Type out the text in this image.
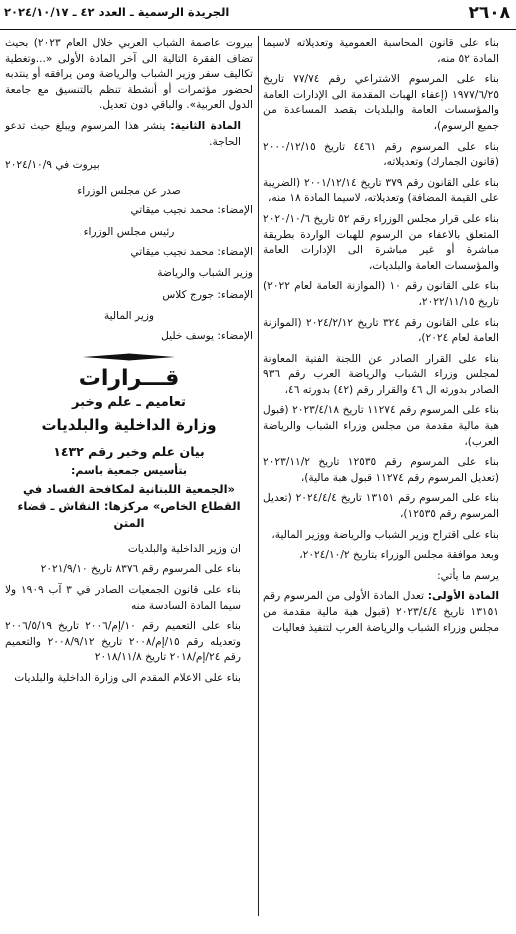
٢٦٠٨
الجريدة الرسمية ـ العدد ٤٢ ـ ٢٠٢٤/١٠/١٧

بناء على قانون المحاسبة العمومية وتعديلاته لاسيما المادة ٥٢ منه،

بناء على المرسوم الاشتراعي رقم ٧٧/٧٤ تاريخ ١٩٧٧/٦/٢٥ (إعفاء الهبات المقدمة الى الإدارات العامة والمؤسسات العامة والبلديات بقصد المساعدة من جميع الرسوم)،

بناء على المرسوم رقم ٤٤٦١ تاريخ ٢٠٠٠/١٢/١٥ (قانون الجمارك) وتعديلاته،

بناء على القانون رقم ٣٧٩ تاريخ ٢٠٠١/١٢/١٤ (الضريبة على القيمة المضافة) وتعديلاته، لاسيما المادة ١٨ منه،

بناء على قرار مجلس الوزراء رقم ٥٢ تاريخ ٢٠٢٠/١٠/٦ المتعلق بالاعفاء من الرسوم للهبات الواردة بطريقة مباشرة أو غير مباشرة الى الإدارات العامة والمؤسسات العامة والبلديات،

بناء على القانون رقم ١٠ (الموازنة العامة لعام ٢٠٢٢) تاريخ ٢٠٢٢/١١/١٥،

بناء على القانون رقم ٣٢٤ تاريخ ٢٠٢٤/٢/١٢ (الموازنة العامة لعام ٢٠٢٤)،

بناء على القرار الصادر عن اللجنة الفنية المعاونة لمجلس وزراء الشباب والرياضة العرب رقم ٩٣٦ الصادر بدورته ال ٤٦ والقرار رقم (٤٢) بدورته ٤٦،

بناء على المرسوم رقم ١١٢٧٤ تاريخ ٢٠٢٣/٤/١٨ (قبول هبة مالية مقدمة من مجلس وزراء الشباب والرياضة العرب)،

بناء على المرسوم رقم ١٢٥٣٥ تاريخ ٢٠٢٣/١١/٢ (تعديل المرسوم رقم ١١٢٧٤ قبول هبة مالية)،

بناء على المرسوم رقم ١٣١٥١ تاريخ ٢٠٢٤/٤/٤ (تعديل المرسوم رقم ١٢٥٣٥)،

بناء على اقتراح وزير الشباب والرياضة ووزير المالية،

وبعد موافقة مجلس الوزراء بتاريخ ٢٠٢٤/١٠/٢،

يرسم ما يأتي:

المادة الأولى: تعدل المادة الأولى من المرسوم رقم ١٣١٥١ تاريخ ٢٠٢٣/٤/٤ (قبول هبة مالية مقدمة من مجلس وزراء الشباب والرياضة العرب لتنفيذ فعاليات

بيروت عاصمة الشباب العربي خلال العام ٢٠٢٣) بحيث تضاف الفقرة التالية الى آخر المادة الأولى «...وتغطية تكاليف سفر وزير الشباب والرياضة ومن يرافقه أو ينتدبه لحضور مؤتمرات أو أنشطة تنظم بالتنسيق مع جامعة الدول العربية». والباقي دون تعديل.

المادة الثانية: ينشر هذا المرسوم ويبلغ حيث تدعو الحاجة.

بيروت في ٢٠٢٤/١٠/٩

صدر عن مجلس الوزراء

الإمضاء: محمد نجيب ميقاتي

رئيس مجلس الوزراء

الإمضاء: محمد نجيب ميقاتي

وزير الشباب والرياضة

الإمضاء: جورج كلاس

وزير المالية

الإمضاء: يوسف خليل

قـــرارات

تعاميم ـ علم وخبر

وزارة الداخلية والبلديات

بيان علم وخبر رقم ١٤٣٢

بتأسيس جمعية باسم:

«الجمعية اللبنانية لمكافحة الفساد في القطاع الخاص» مركزها: النقاش ـ قضاء المتن

ان وزير الداخلية والبلديات

بناء على المرسوم رقم ٨٣٧٦ تاريخ ٢٠٢١/٩/١٠

بناء على قانون الجمعيات الصادر في ٣ آب ١٩٠٩ ولا سيما المادة السادسة منه

بناء على التعميم رقم ١٠/إم/٢٠٠٦ تاريخ ٢٠٠٦/٥/١٩ وتعديله رقم ١٥/إم/٢٠٠٨ تاريخ ٢٠٠٨/٩/١٢ والتعميم رقم ٢٤/إم/٢٠١٨ تاريخ ٢٠١٨/١١/٨

بناء على الاعلام المقدم الى وزارة الداخلية والبلديات
